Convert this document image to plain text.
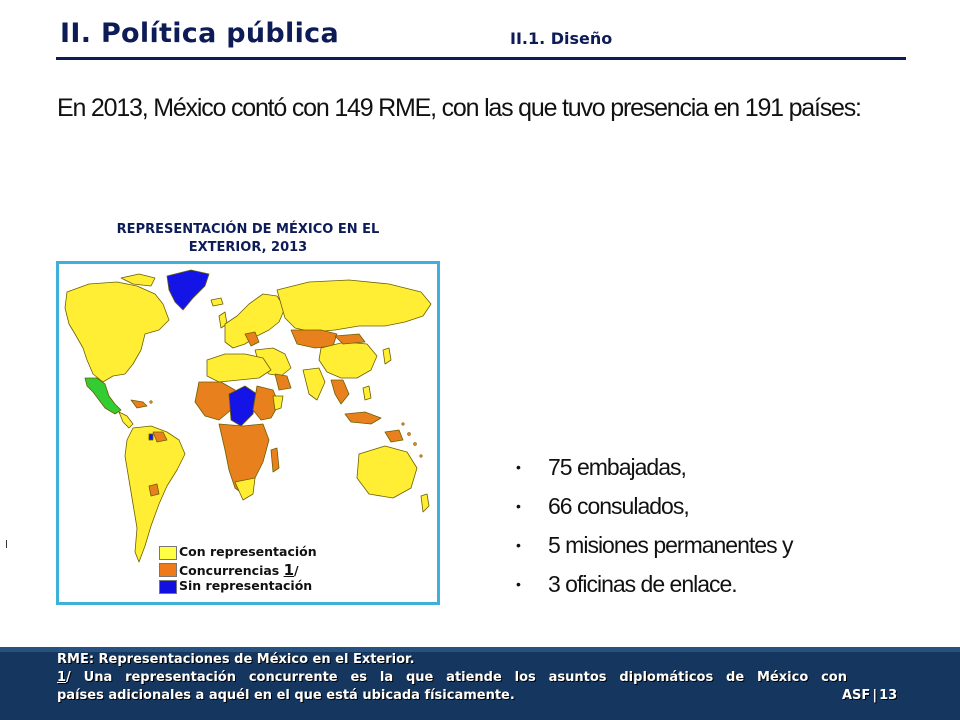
II. Política pública	II.1. Diseño
En 2013, México contó con 149 RME, con las que tuvo presencia en 191 países:
REPRESENTACIÓN DE MÉXICO EN EL
EXTERIOR, 2013
Con representación
Concurrencias 1/
Sin representación
• 75 embajadas,
• 66 consulados,
• 5 misiones permanentes y
• 3 oficinas de enlace.
RME: Representaciones de México en el Exterior.
1/ Una representación concurrente es la que atiende los asuntos diplomáticos de México con
países adicionales a aquél en el que está ubicada físicamente.	ASF | 13
